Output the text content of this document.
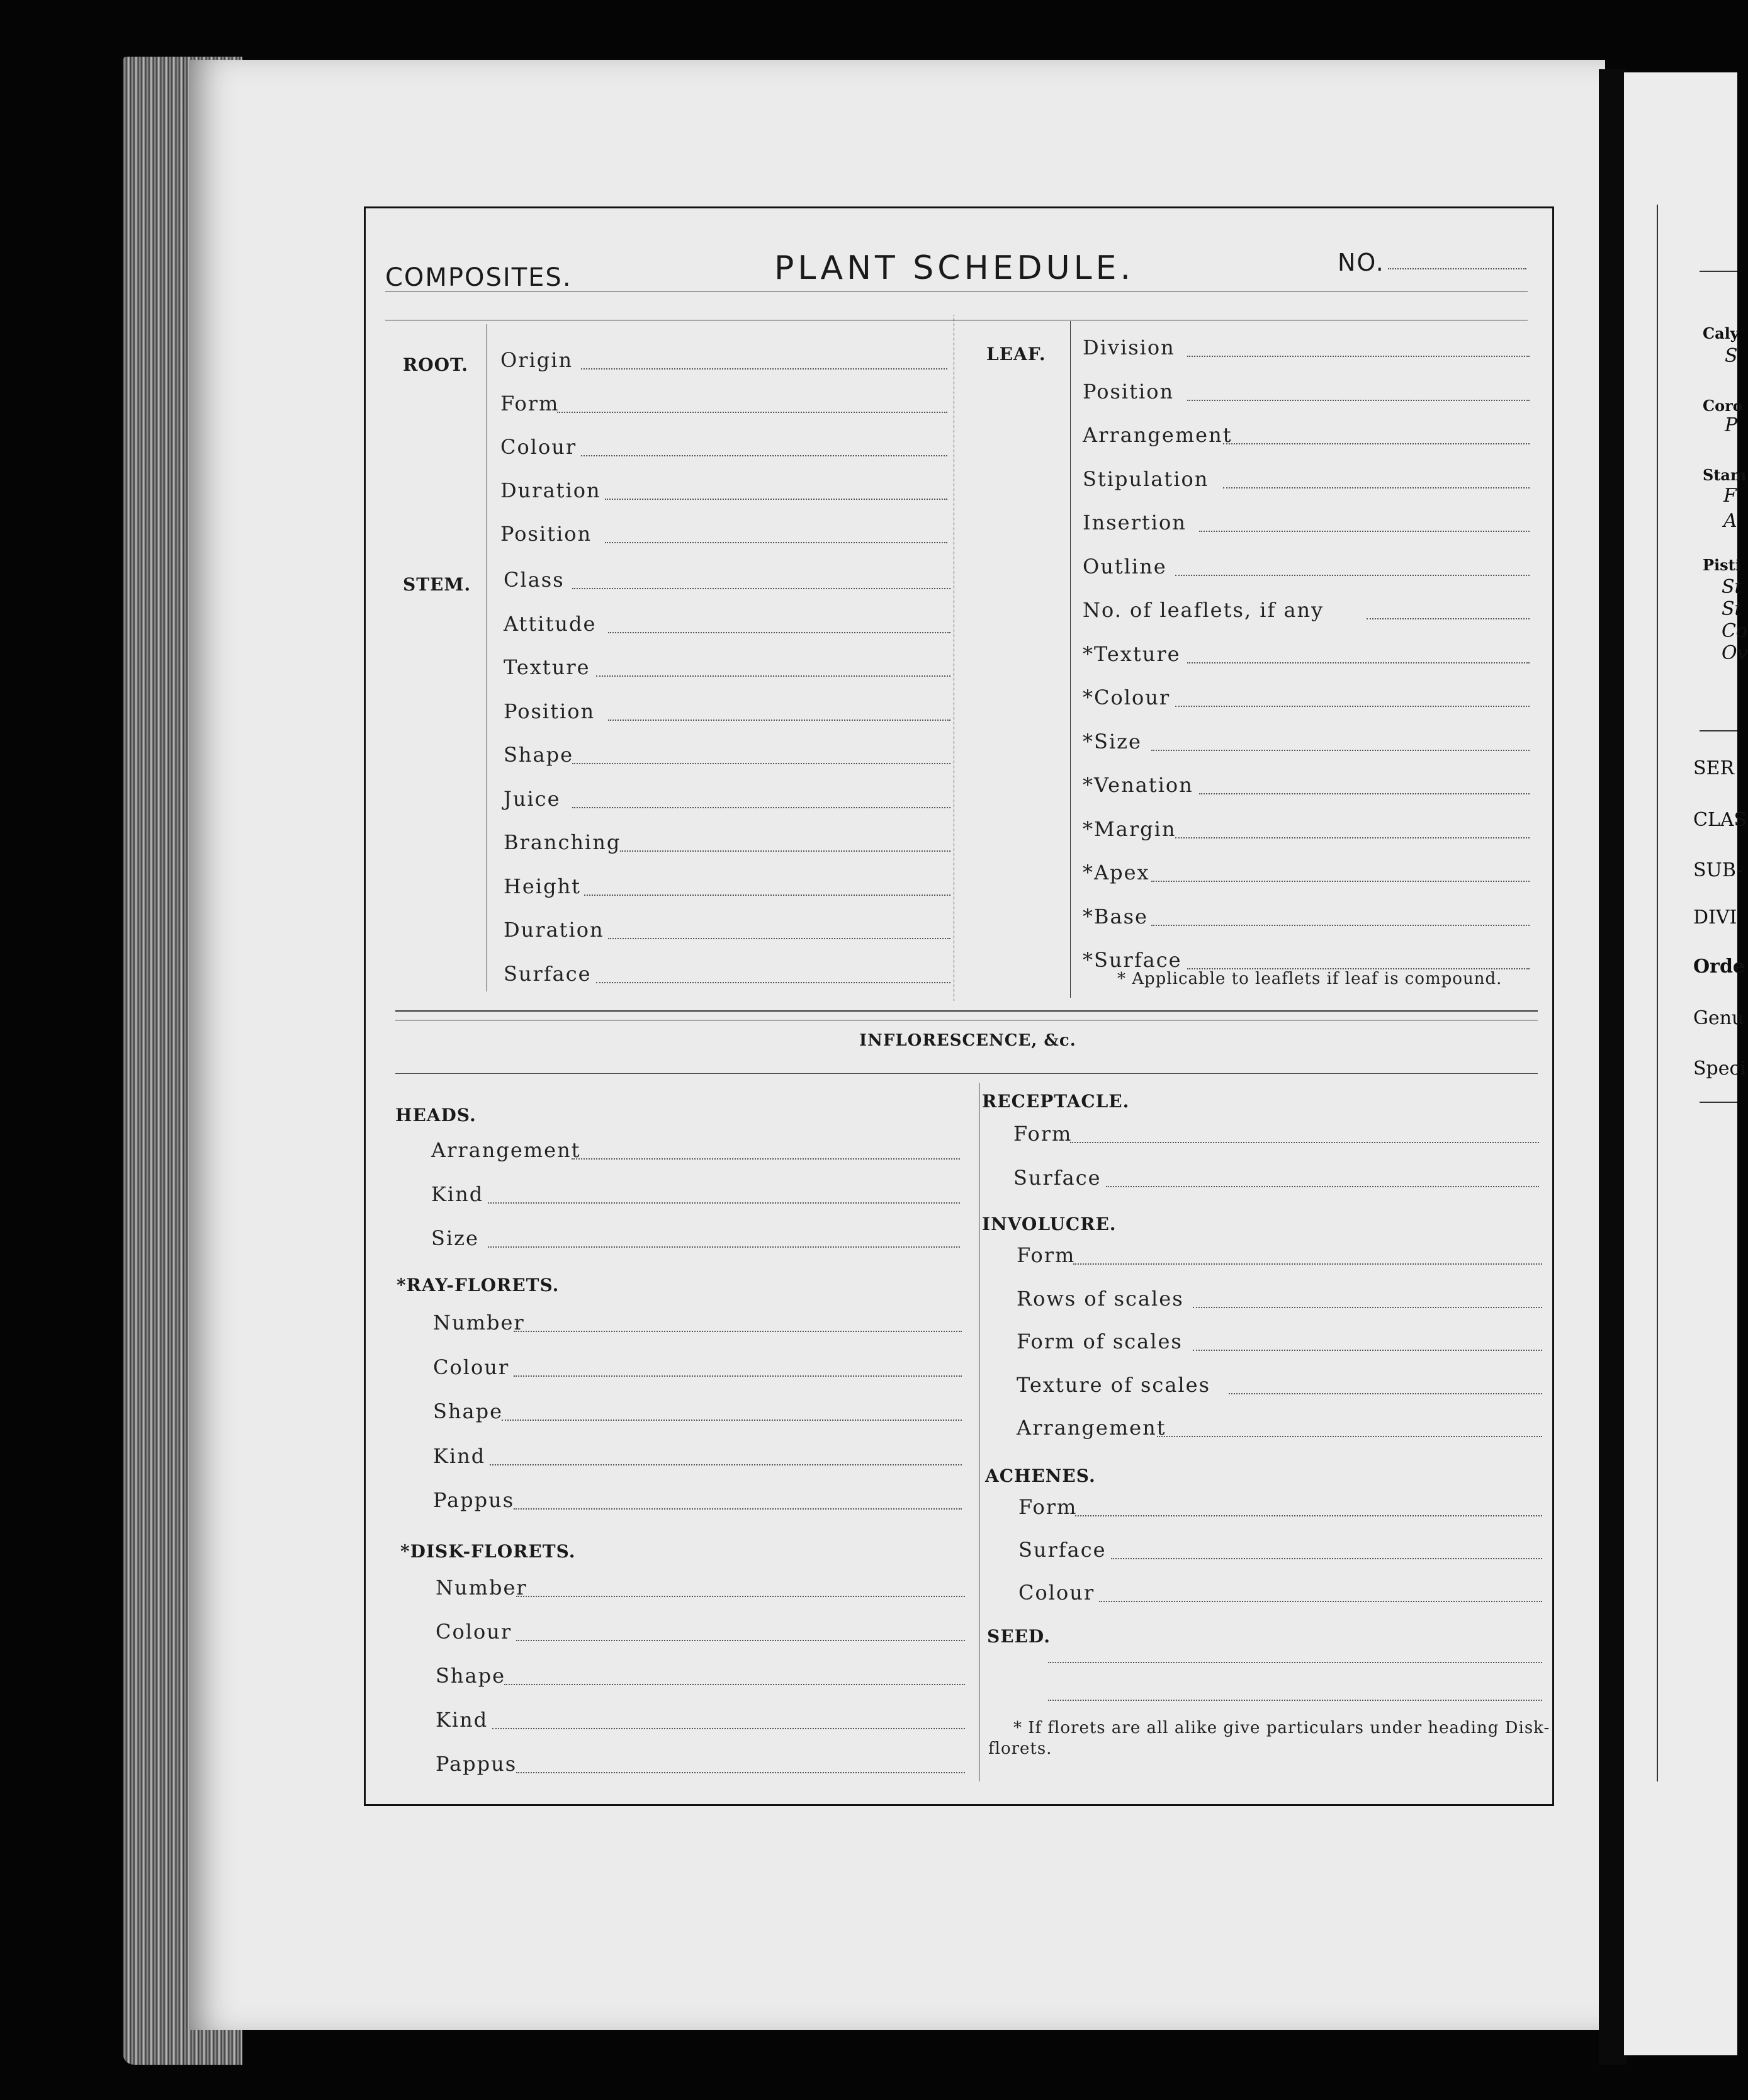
COMPOSITES.	PLANT SCHEDULE.	NO.
ROOT.
STEM.
Origin
Form
Colour
Duration
Position
Class
Attitude
Texture
Position
Shape
Juice
Branching
Height
Duration
Surface
LEAF. Division
Position
Arrangement
Stipulation
Insertion
Outline
No. of leaflets, if any
*Texture
*Colour
*Size
*Venation
*Margin
*Apex
*Base
*Surface
* Applicable to leaflets if leaf is compound.
INFLORESCENCE, &c.
HEADS.
*RAY-FLORETS.
*DISK-FLORETS.
Arrangement
Kind
Size
Number
Colour
Shape
Kind
Pappus
Number
Colour
Shape
Kind
Pappus
RECEPTACLE.
INVOLUCRE.
ACHENES.
SEED.
Form
Surface
Form
Rows of scales
Form of scales
Texture of scales
Arrangement
Form
Surface
Colour
* If florets are all alike give particulars under heading Disk-
florets.
Caly
S
Coro
P
Stam
F
A
Pisti
St
St
Co
Ov
SER
CLAS
SUB-
DIVI
Orde
Genu
Speci
